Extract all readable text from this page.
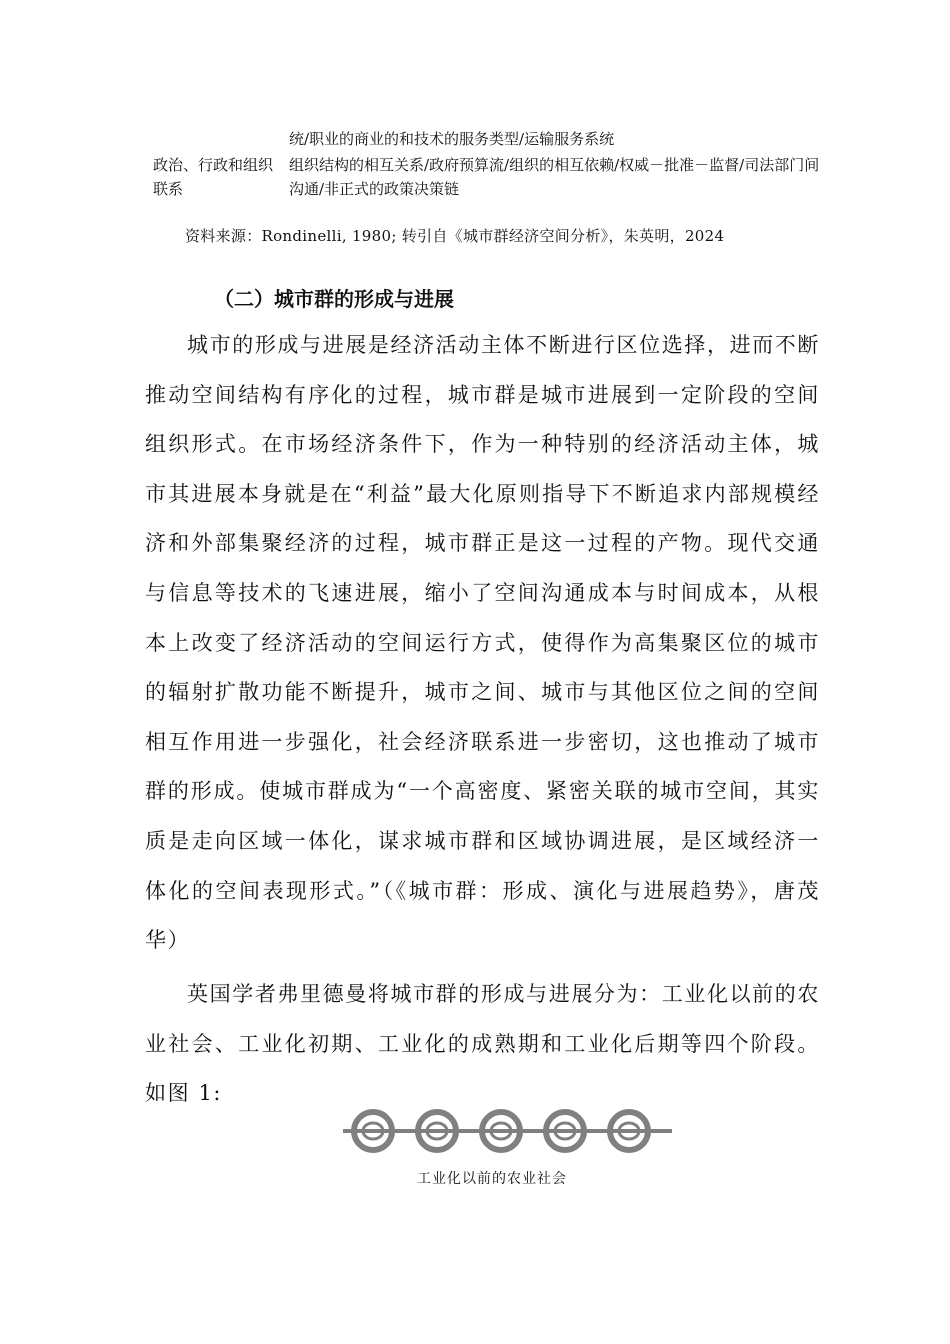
统/职业的商业的和技术的服务类型/运输服务系统
政治、行政和组织联系
组织结构的相互关系/政府预算流/组织的相互依赖/权威－批准－监督/司法部门间沟通/非正式的政策决策链
资料来源：Rondinelli, 1980; 转引自《城市群经济空间分析》，朱英明，2024
（二）城市群的形成与进展

城市的形成与进展是经济活动主体不断进行区位选择，进而不断推动空间结构有序化的过程，城市群是城市进展到一定阶段的空间组织形式。在市场经济条件下，作为一种特别的经济活动主体，城市其进展本身就是在“利益”最大化原则指导下不断追求内部规模经济和外部集聚经济的过程，城市群正是这一过程的产物。现代交通与信息等技术的飞速进展，缩小了空间沟通成本与时间成本，从根本上改变了经济活动的空间运行方式，使得作为高集聚区位的城市的辐射扩散功能不断提升，城市之间、城市与其他区位之间的空间相互作用进一步强化，社会经济联系进一步密切，这也推动了城市群的形成。使城市群成为“一个高密度、紧密关联的城市空间，其实质是走向区域一体化，谋求城市群和区域协调进展，是区域经济一体化的空间表现形式。”（《城市群：形成、演化与进展趋势》，唐茂华）

英国学者弗里德曼将城市群的形成与进展分为：工业化以前的农业社会、工业化初期、工业化的成熟期和工业化后期等四个阶段。如图 1:

工业化以前的农业社会
